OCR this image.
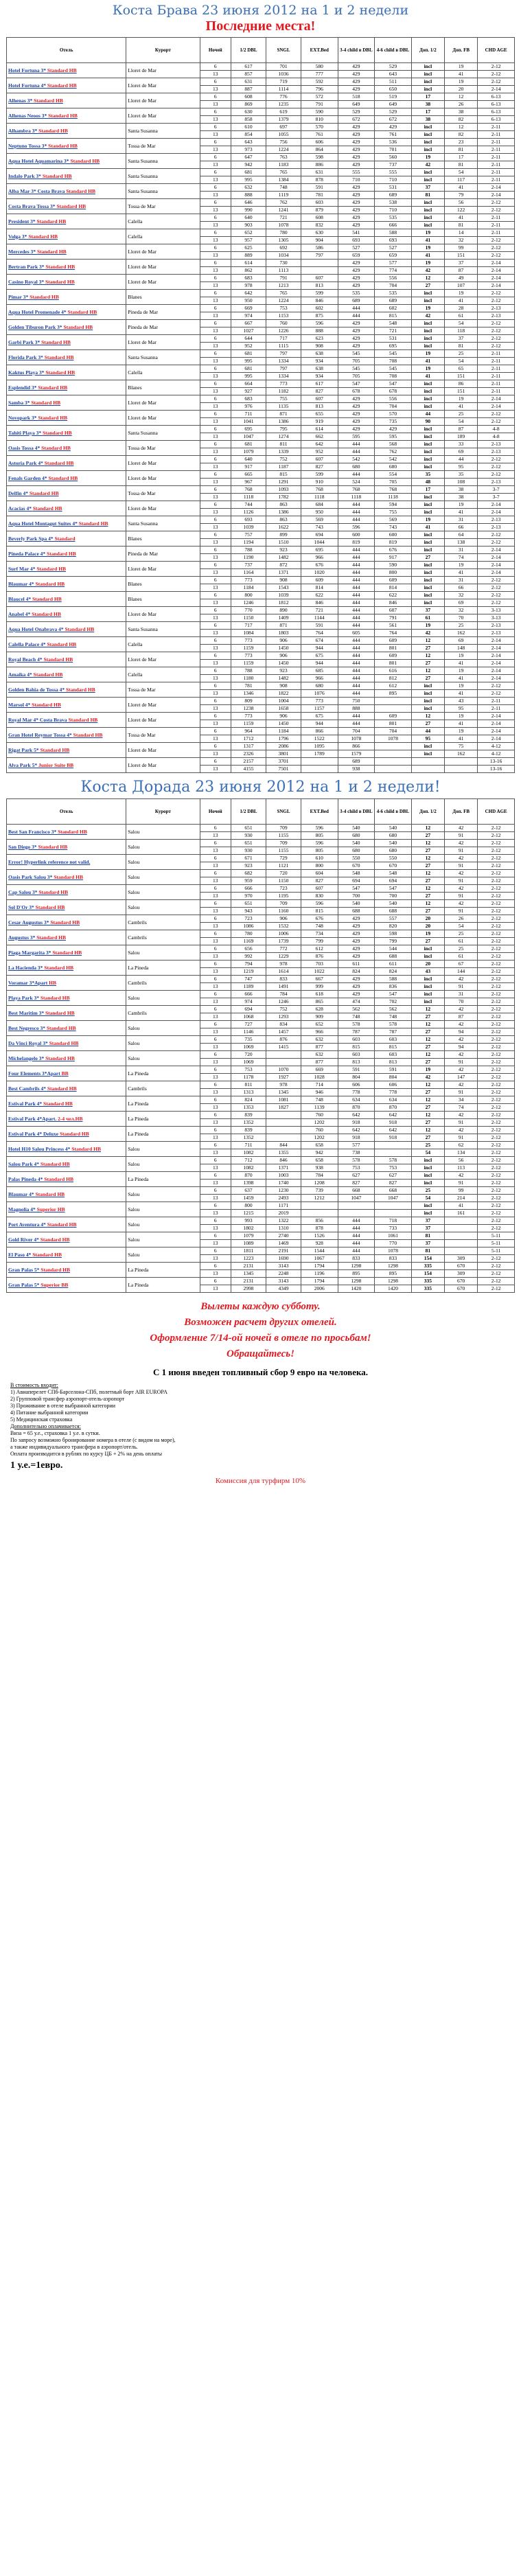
Коста Брава 23 июня 2012 на 1 и 2 недели
Последние места!
Отель	Курорт	Ночей	1/2 DBL	SNGL	EXT.Bed	3-4 child в DBL	4-6 child в DBL	Доп. 1/2	Доп. FB	CHD AGE
Hotel Fortuna 3* Standard HB	Lloret de Mar	6	617	701	580	429	529	incl	19	2-12
		13	857	1036	777	429	643	incl	41	2-12
Hotel Fortuna 4* Standard HB	Lloret de Mar	6	631	719	592	429	511	incl	19	2-12
		13	887	1114	796	429	650	incl	20	2-14
Alhenas 3* Standard HB	Lloret de Mar	6	608	776	572	518	519	17	12	6-13
		13	869	1235	791	649	649	38	26	6-13
Alhenas Neoos 3* Standard HB	Lloret de Mar	6	630	619	590	529	529	17	38	6-13
		13	858	1379	810	672	672	38	82	6-13
Alhambra 3* Standard HB	Santa Susanna	6	610	697	570	429	429	incl	12	2-11
		13	854	1055	761	429	761	incl	82	2-11
Neptuno Tossa 3* Standard HB	Tossa de Mar	6	643	756	606	429	536	incl	23	2-11
		13	973	1224	864	429	701	incl	81	2-11
Aqua Hotel Aquamarina 3* Standard HB	Santa Susanna	6	647	763	598	429	560	19	17	2-11
		13	942	1183	886	429	737	42	81	2-11
Indalo Park 3* Standard HB	Santa Susanna	6	681	765	631	555	555	incl	54	2-11
		13	995	1384	878	710	710	incl	117	2-11
Alba Mar 3* Costa Brava Standard HB	Santa Susanna	6	632	748	591	429	531	37	41	2-14
		13	888	1119	781	429	689	81	79	2-14
Costa Brava Tossa 3* Standard HB	Tossa de Mar	6	646	762	603	429	538	incl	56	2-12
		13	990	1241	879	429	710	incl	122	2-12
President 3* Standard HB	Calella	6	640	721	608	429	535	incl	41	2-11
		13	903	1078	832	429	666	incl	81	2-11
Volga 3* Standard HB	Calella	6	652	780	630	541	588	19	14	2-11
		13	957	1305	904	693	693	41	32	2-12
Mercedes 3* Standard HB	Lloret de Mar	6	625	692	586	527	527	19	99	2-12
		13	889	1034	797	659	659	41	151	2-12
Bertran Park 3* Standard HB	Lloret de Mar	6	614	730		429	577	19	37	2-14
		13	862	1113		429	774	42	87	2-14
Casino Royal 3* Standard HB	Lloret de Mar	6	683	791	607	429	556	12	49	2-14
		13	978	1213	813	429	704	27	107	2-14
Pimar 3* Standard HB	Blanes	6	642	765	599	535	535	incl	19	2-12
		13	950	1224	846	689	689	incl	41	2-12
Aqua Hotel Promenade 4* Standard HB	Pineda de Mar	6	669	753	602	444	602	19	28	2-13
		13	974	1153	875	444	815	42	61	2-13
Golden Tiburon Park 3* Standard HB	Pineda de Mar	6	667	760	596	429	548	incl	54	2-12
		13	1027	1226	888	429	721	incl	118	2-12
Garbi Park 3* Standard HB	Lloret de Mar	6	644	717	623	429	531	incl	37	2-12
		13	952	1115	908	429	695	incl	81	2-12
Florida Park 3* Standard HB	Santa Susanna	6	681	797	638	545	545	19	25	2-11
		13	995	1334	934	705	708	41	54	2-11
Kaktus Playa 3* Standard HB	Calella	6	681	797	638	545	545	19	65	2-11
		13	995	1334	934	705	708	41	151	2-11
Esplendid 3* Standard HB	Blanes	6	664	773	617	547	547	incl	86	2-11
		13	927	1182	827	678	678	incl	151	2-11
Samba 3* Standard HB	Lloret de Mar	6	683	755	607	429	556	incl	19	2-14
		13	976	1135	813	429	704	incl	41	2-14
Novopark 3* Standard HB	Lloret de Mar	6	711	871	655	429	570	44	25	2-12
		13	1041	1386	919	429	735	90	54	2-12
Tahiti Playa 3* Standard HB	Santa Susanna	6	695	795	614	429	429	incl	87	4-8
		13	1047	1274	662	595	595	incl	189	4-8
Oasis Tossa 4* Standard HB	Tossa de Mar	6	681	811	642	444	568	incl	33	2-13
		13	1079	1339	952	444	762	incl	69	2-13
Astoria Park 4* Standard HB	Lloret de Mar	6	640	752	607	542	542	incl	44	2-12
		13	917	1187	827	680	680	incl	95	2-12
Fenals Garden 4* Standard HB	Lloret de Mar	6	665	815	599	444	554	35	35	2-12
		13	967	1291	910	524	705	48	108	2-13
Delfin 4* Standard HB	Tossa de Mar	6	768	1093	768	768	768	17	38	3-7
		13	1118	1782	1118	1118	1118	incl	38	3-7
Acacias 4* Standard HB	Lloret de Mar	6	744	863	684	444	594	incl	19	2-14
		13	1126	1386	950	444	755	incl	41	2-14
Aqua Hotel Montagut Suites 4* Standard HB	Santa Susanna	6	693	863	569	444	569	19	31	2-13
		13	1039	1622	743	596	743	41	66	2-13
Beverly Park Spa 4* Standard	Blanes	6	757	899	694	600	600	incl	64	2-12
		13	1194	1510	1044	819	819	incl	138	2-12
Pineda Palace 4* Standard HB	Pineda de Mar	6	788	923	695	444	676	incl	31	2-14
		13	1190	1482	966	444	917	27	74	2-14
Surf Mar 4* Standard HB	Lloret de Mar	6	737	872	676	444	590	incl	19	2-14
		13	1164	1371	1020	444	800	incl	41	2-14
Blaumar 4* Standard HB	Blanes	6	773	908	609	444	609	incl	31	2-12
		13	1184	1543	814	444	814	incl	66	2-12
Blaucel 4* Standard HB	Blanes	6	800	1039	622	444	622	incl	32	2-12
		13	1246	1812	846	444	846	incl	69	2-12
Anabel 4* Standard HB	Lloret de Mar	6	770	890	721	444	607	37	32	3-13
		13	1150	1409	1144	444	791	61	70	3-13
Aqua Hotel Onabrava 4* Standard HB	Santa Susanna	6	717	871	591	444	561	19	25	2-13
		13	1084	1803	764	605	764	42	162	2-13
Calella Palace 4* Standard HB	Calella	6	773	906	674	444	609	12	69	2-14
		13	1159	1450	944	444	801	27	148	2-14
Royal Beach 4* Standard HB	Lloret de Mar	6	773	906	675	444	609	12	19	2-14
		13	1159	1450	944	444	801	27	41	2-14
Amaika 4* Standard HB	Calella	6	788	923	685	444	616	12	19	2-14
		13	1180	1482	966	444	812	27	41	2-14
Golden Bahia de Tossa 4* Standard HB	Tossa de Mar	6	781	908	680	444	612	incl	19	2-12
		13	1346	1822	1076	444	895	incl	41	2-12
Marsol 4* Standard HB	Lloret de Mar	6	809	1004	773	750		incl	43	2-11
		13	1238	1658	1157	888		incl	95	2-11
Royal Mar 4* Costa Brava Standard HB	Lloret de Mar	6	773	906	675	444	609	12	19	2-14
		13	1159	1450	944	444	801	27	41	2-14
Gran Hotel Reymar Tossa 4* Standard HB	Tossa de Mar	6	964	1184	866	704	704	44	19	2-14
		13	1712	1796	1522	1078	1078	95	41	2-14
Rigat Park 5* Standard HB	Lloret de Mar	6	1317	2086	1095	866		incl	75	4-12
		13	2326	3801	1789	1579		incl	162	4-12
Alva Park 5* Junior Suite BB	Lloret de Mar	6	2157	3701		689				13-16
		13	4155	7501		938				13-16
Коста Дорада 23 июня 2012 на 1 и 2 недели!
Отель	Курорт	Ночей	1/2 DBL	SNGL	EXT.Bed	3-4 child в DBL	4-6 child в DBL	Доп. 1/2	Доп. FB	CHD AGE
Best San Francisco 3* Standard HB	Salou	6	651	709	596	540	540	12	42	2-12
		13	930	1155	805	680	680	27	91	2-12
San Diego 3* Standard HB	Salou	6	651	709	596	540	540	12	42	2-12
		13	930	1155	805	680	680	27	91	2-12
Error! Hyperlink reference not valid.	Salou	6	671	729	610	550	550	12	42	2-12
		13	923	1121	800	670	670	27	91	2-12
Oasis Park Salou 3* Standard HB	Salou	6	682	720	604	548	548	12	42	2-12
		13	959	1150	827	694	694	27	91	2-12
Cap Salou 3* Standard HB	Salou	6	666	723	607	547	547	12	42	2-12
		13	970	1195	830	700	700	27	91	2-12
Sol D'Or 3* Standard HB	Salou	6	651	709	596	540	540	12	42	2-12
		13	943	1160	815	688	688	27	91	2-12
Cesar Augustus 3* Standard HB	Cambrils	6	723	906	676	429	557	20	26	2-12
		13	1086	1532	748	429	820	20	54	2-12
Augustus 3* Standard HB	Cambrils	6	780	1006	734	429	598	19	25	2-12
		13	1169	1739	799	429	799	27	61	2-12
Piaga Margarita 3* Standard HB	Salou	6	656	772	612	429	544	incl	25	2-12
		13	992	1229	876	429	688	incl	61	2-12
La Hacienda 3* Standard HB	La Pineda	6	794	978	703	611	611	20	67	2-12
		13	1219	1614	1022	824	824	43	144	2-12
Voramar 3*Apart HB	Cambrils	6	747	833	667	429	588	incl	42	2-12
		13	1189	1491	999	429	836	incl	91	2-12
Playa Park 3* Standard HB	Salou	6	666	784	618	429	547	incl	31	2-12
		13	974	1246	865	474	702	incl	70	2-12
Best Maritim 3* Standard HB	Cambrils	6	694	752	628	562	562	12	42	2-12
		13	1068	1293	909	748	748	27	87	2-12
Best Negresco 3* Standard HB	Salou	6	727	834	652	578	578	12	42	2-12
		13	1146	1457	966	787	787	27	94	2-12
Da Vinci Royal 3* Standard HB	Salou	6	735	876	632	603	603	12	42	2-12
		13	1069	1415	877	815	815	27	94	2-12
Michelangelo 3* Standard HB	Salou	6	720		632	603	603	12	42	2-12
		13	1069		877	813	813	27	91	2-12
Four Elements 3*Apart BB	La Pineda	6	753	1070	669	591	591	19	42	2-12
		13	1178	1927	1028	804	804	42	147	2-12
Best Cambrils 4* Standard HB	Cambrils	6	811	978	714	606	606	12	42	2-12
		13	1313	1345	946	778	778	27	91	2-12
Estival Park 4* Standard HB	La Pineda	6	824	1081	748	634	634	12	34	2-12
		13	1353	1827	1139	870	870	27	74	2-12
Estival Park 4*Apart. 2-4 чел.HB	La Pineda	6	839		760	642	642	12	42	2-12
		13	1352		1202	918	918	27	91	2-12
Estival Park 4* Deluxe Standard HB	La Pineda	6	839		760	642	642	12	42	2-12
		13	1352		1202	918	918	27	91	2-12
Hotel H10 Salou Princess 4* Standard HB	Salou	6	711	844	658	577		25	62	2-12
		13	1082	1355	942	738		54	134	2-12
Salou Park 4* Standard HB	Salou	6	712	846	658	578	578	incl	56	2-12
		13	1082	1371	938	753	753	incl	113	2-12
Palas Pineda 4* Standard HB	La Pineda	6	870	1003	784	627	627	incl	42	2-12
		13	1398	1740	1208	827	827	incl	91	2-12
Blaumar 4* Standard HB	Salou	6	637	1230	739	668	668	25	99	2-12
		13	1459	2493	1212	1047	1047	54	214	2-12
Magnolia 4* Superior HB	Salou	6	800	1171				incl	41	2-12
		13	1215	2019				incl	161	2-12
Port Aventura 4* Standard HB	Salou	6	993	1322	856	444	718	37		2-12
		13	1802	1310	878	444	733	37		2-12
Gold River 4* Standard HB	Salou	6	1079	2740	1526	444	1061	81		5-11
		13	1089	1469	928	444	770	37		5-11
El Paso 4* Standard HB	Salou	6	1811	2191	1544	444	1078	81		5-11
		13	1223	1690	1067	833	833	154	309	2-12
Gran Palas 5* Standard HB	La Pineda	6	2131	3143	1794	1298	1298	335	670	2-12
		13	1345	2248	1196	895	895	154	309	2-12
Gran Palas 5* Superior BB	La Pineda	6	2131	3143	1794	1298	1298	335	670	2-12
		13	2998	4349	2006	1420	1420	335	670	2-12
Вылеты каждую субботу.
Возможен расчет других отелей.
Оформление 7/14-ой ночей в отеле по просьбам!
Обращайтесь!
С 1 июня введен топливный сбор 9 евро на человека.
В стоимость входит:
1) Авиаперелет СПб-Барселона-СПб, полетный борт AIR EUROPA
2) Групповой трансфер аэропорт-отель-аэропорт
3) Проживание в отеле выбранной категории
4) Питание выбранной категории
5) Медицинская страховка
Дополнительно оплачивается:
Виза = 65 у.е., страховка 1 у.е. в сутки.
По запросу возможно бронирование номера в отеле (с видом на море),
а также индивидуального трансфера в аэропорт/отель.
Оплата производится в рублях по курсу ЦБ + 2% на день оплаты
1 у.е.=1евро.
Комиссия для турфирм 10%
